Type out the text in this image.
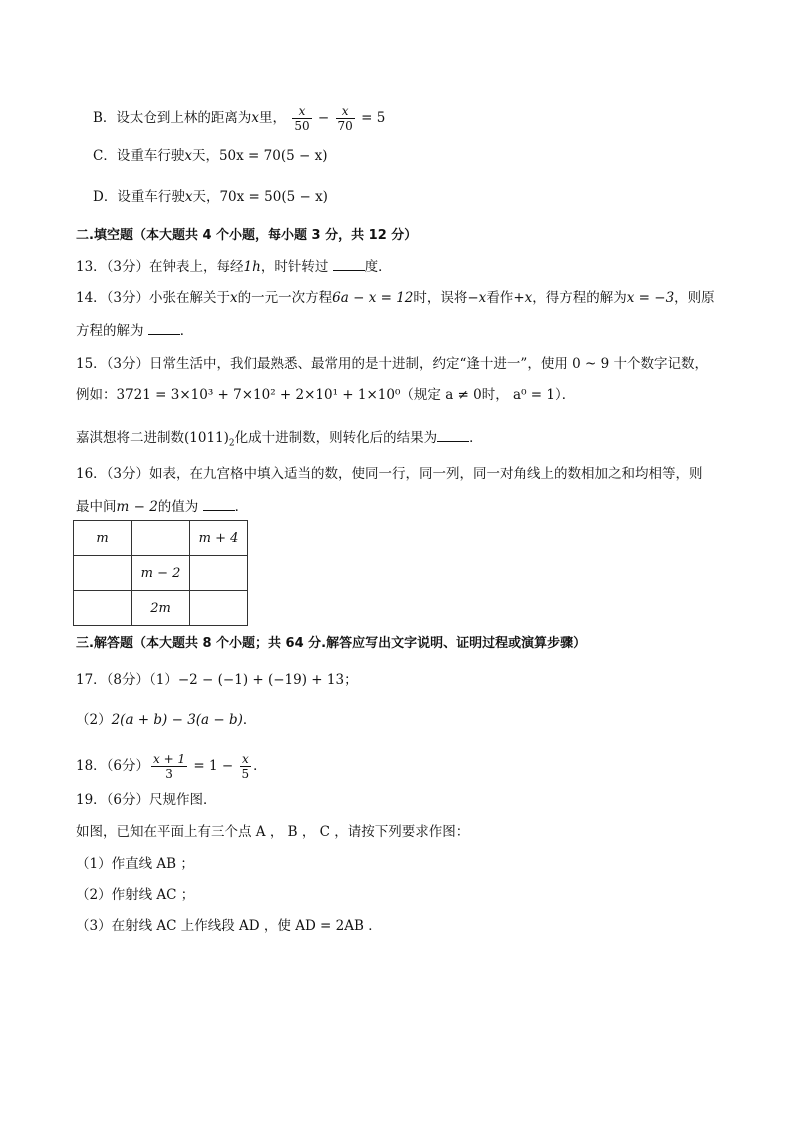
B．设太仓到上林的距离为x里， $\frac{x}{50} - \frac{x}{70} = 5$
C．设重车行驶x天，50x = 70(5 − x)
D．设重车行驶x天，70x = 50(5 − x)
二.填空题（本大题共 4 个小题，每小题 3 分，共 12 分）
13．（3分）在钟表上，每经1h，时针转过 度．
14．（3分）小张在解关于x的一元一次方程6a − x = 12时，误将−x看作+x，得方程的解为x = −3，则原
方程的解为 ．
15．（3分）日常生活中，我们最熟悉、最常用的是十进制，约定“逢十进一”，使用 0 ~ 9 十个数字记数，
例如：3721 = 3×10³ + 7×10² + 2×10¹ + 1×10⁰（规定 a ≠ 0时， a⁰ = 1）．
嘉淇想将二进制数$(1011)_2$化成十进制数，则转化后的结果为 ．
16．（3分）如表，在九宫格中填入适当的数，使同一行，同一列，同一对角线上的数相加之和均相等，则
最中间m − 2的值为 ．
m		m + 4
	m − 2	
	2m	
三.解答题（本大题共 8 个小题；共 64 分.解答应写出文字说明、证明过程或演算步骤）
17．（8分）（1）−2 − (−1) + (−19) + 13；
（2）2(a + b) − 3(a − b)．
18．（6分） $\frac{x + 1}{3} = 1 - \frac{x}{5}$ ．
19．（6分）尺规作图．
如图，已知在平面上有三个点 A ， B ， C ，请按下列要求作图：
（1）作直线 AB ；
（2）作射线 AC ；
（3）在射线 AC 上作线段 AD ，使 AD = 2AB ．
